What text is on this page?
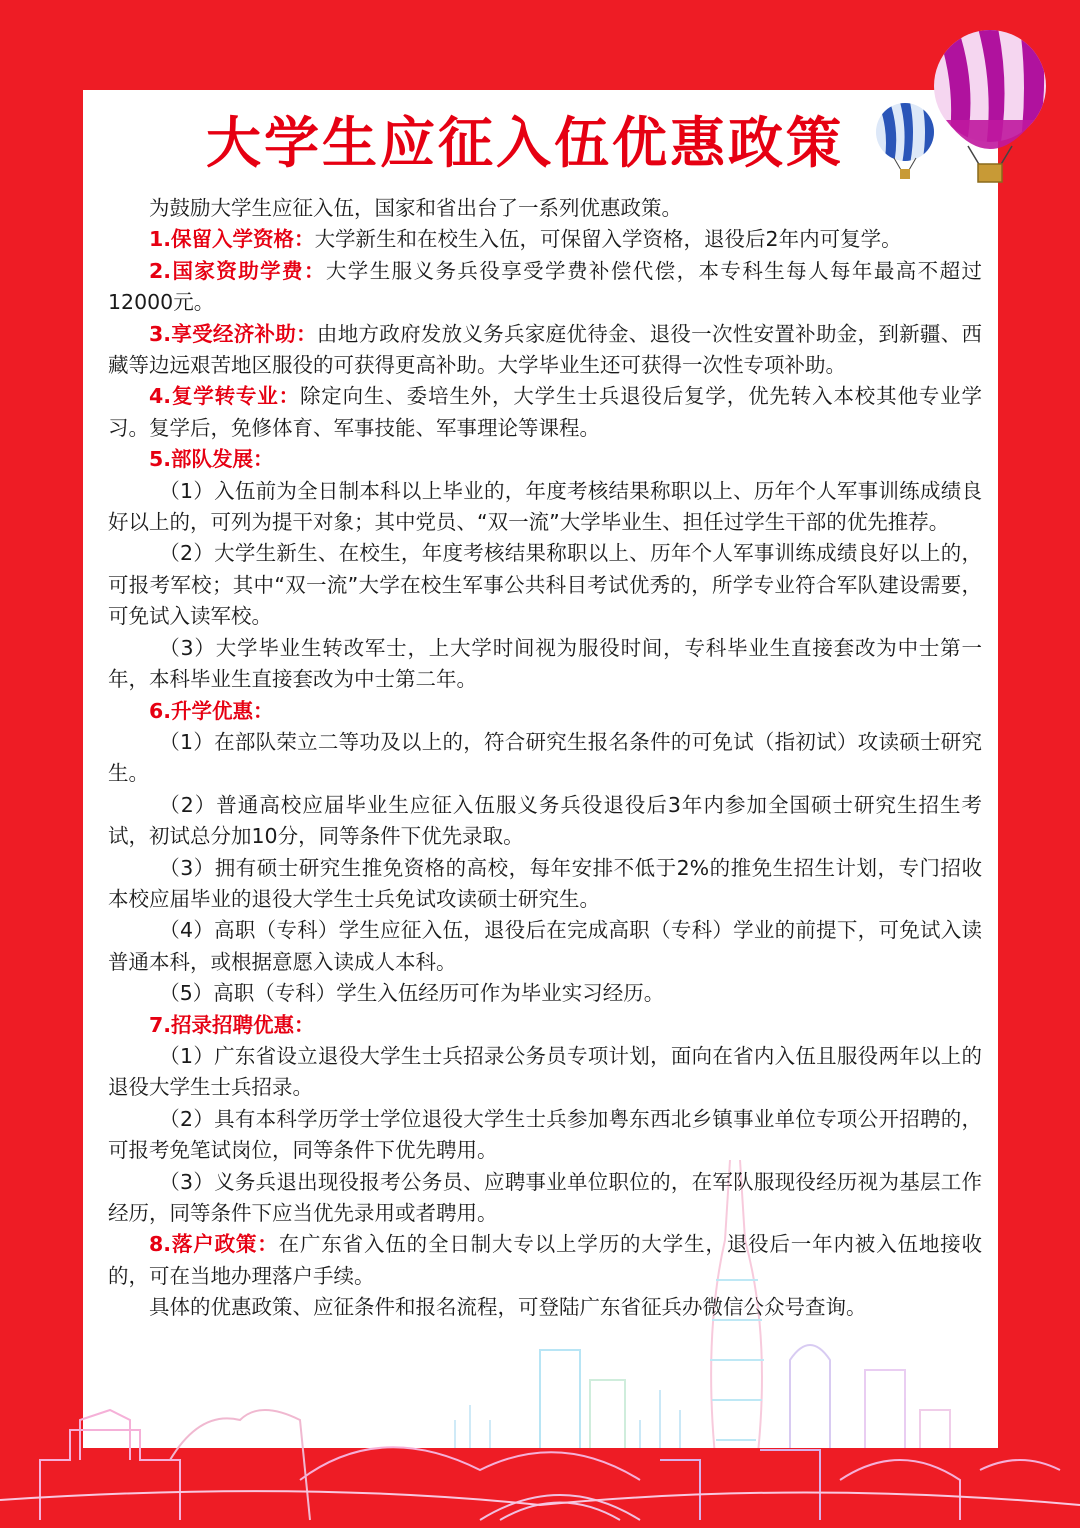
大学生应征入伍优惠政策

为鼓励大学生应征入伍，国家和省出台了一系列优惠政策。

1.保留入学资格：大学新生和在校生入伍，可保留入学资格，退役后2年内可复学。

2.国家资助学费：大学生服义务兵役享受学费补偿代偿，本专科生每人每年最高不超过12000元。

3.享受经济补助：由地方政府发放义务兵家庭优待金、退役一次性安置补助金，到新疆、西藏等边远艰苦地区服役的可获得更高补助。大学毕业生还可获得一次性专项补助。

4.复学转专业：除定向生、委培生外，大学生士兵退役后复学，优先转入本校其他专业学习。复学后，免修体育、军事技能、军事理论等课程。

5.部队发展：

（1）入伍前为全日制本科以上毕业的，年度考核结果称职以上、历年个人军事训练成绩良好以上的，可列为提干对象；其中党员、“双一流”大学毕业生、担任过学生干部的优先推荐。

（2）大学生新生、在校生，年度考核结果称职以上、历年个人军事训练成绩良好以上的，可报考军校；其中“双一流”大学在校生军事公共科目考试优秀的，所学专业符合军队建设需要，可免试入读军校。

（3）大学毕业生转改军士，上大学时间视为服役时间，专科毕业生直接套改为中士第一年，本科毕业生直接套改为中士第二年。

6.升学优惠：

（1）在部队荣立二等功及以上的，符合研究生报名条件的可免试（指初试）攻读硕士研究生。

（2）普通高校应届毕业生应征入伍服义务兵役退役后3年内参加全国硕士研究生招生考试，初试总分加10分，同等条件下优先录取。

（3）拥有硕士研究生推免资格的高校，每年安排不低于2%的推免生招生计划，专门招收本校应届毕业的退役大学生士兵免试攻读硕士研究生。

（4）高职（专科）学生应征入伍，退役后在完成高职（专科）学业的前提下，可免试入读普通本科，或根据意愿入读成人本科。

（5）高职（专科）学生入伍经历可作为毕业实习经历。

7.招录招聘优惠：

（1）广东省设立退役大学生士兵招录公务员专项计划，面向在省内入伍且服役两年以上的退役大学生士兵招录。

（2）具有本科学历学士学位退役大学生士兵参加粤东西北乡镇事业单位专项公开招聘的，可报考免笔试岗位，同等条件下优先聘用。

（3）义务兵退出现役报考公务员、应聘事业单位职位的，在军队服现役经历视为基层工作经历，同等条件下应当优先录用或者聘用。

8.落户政策：在广东省入伍的全日制大专以上学历的大学生，退役后一年内被入伍地接收的，可在当地办理落户手续。

具体的优惠政策、应征条件和报名流程，可登陆广东省征兵办微信公众号查询。
